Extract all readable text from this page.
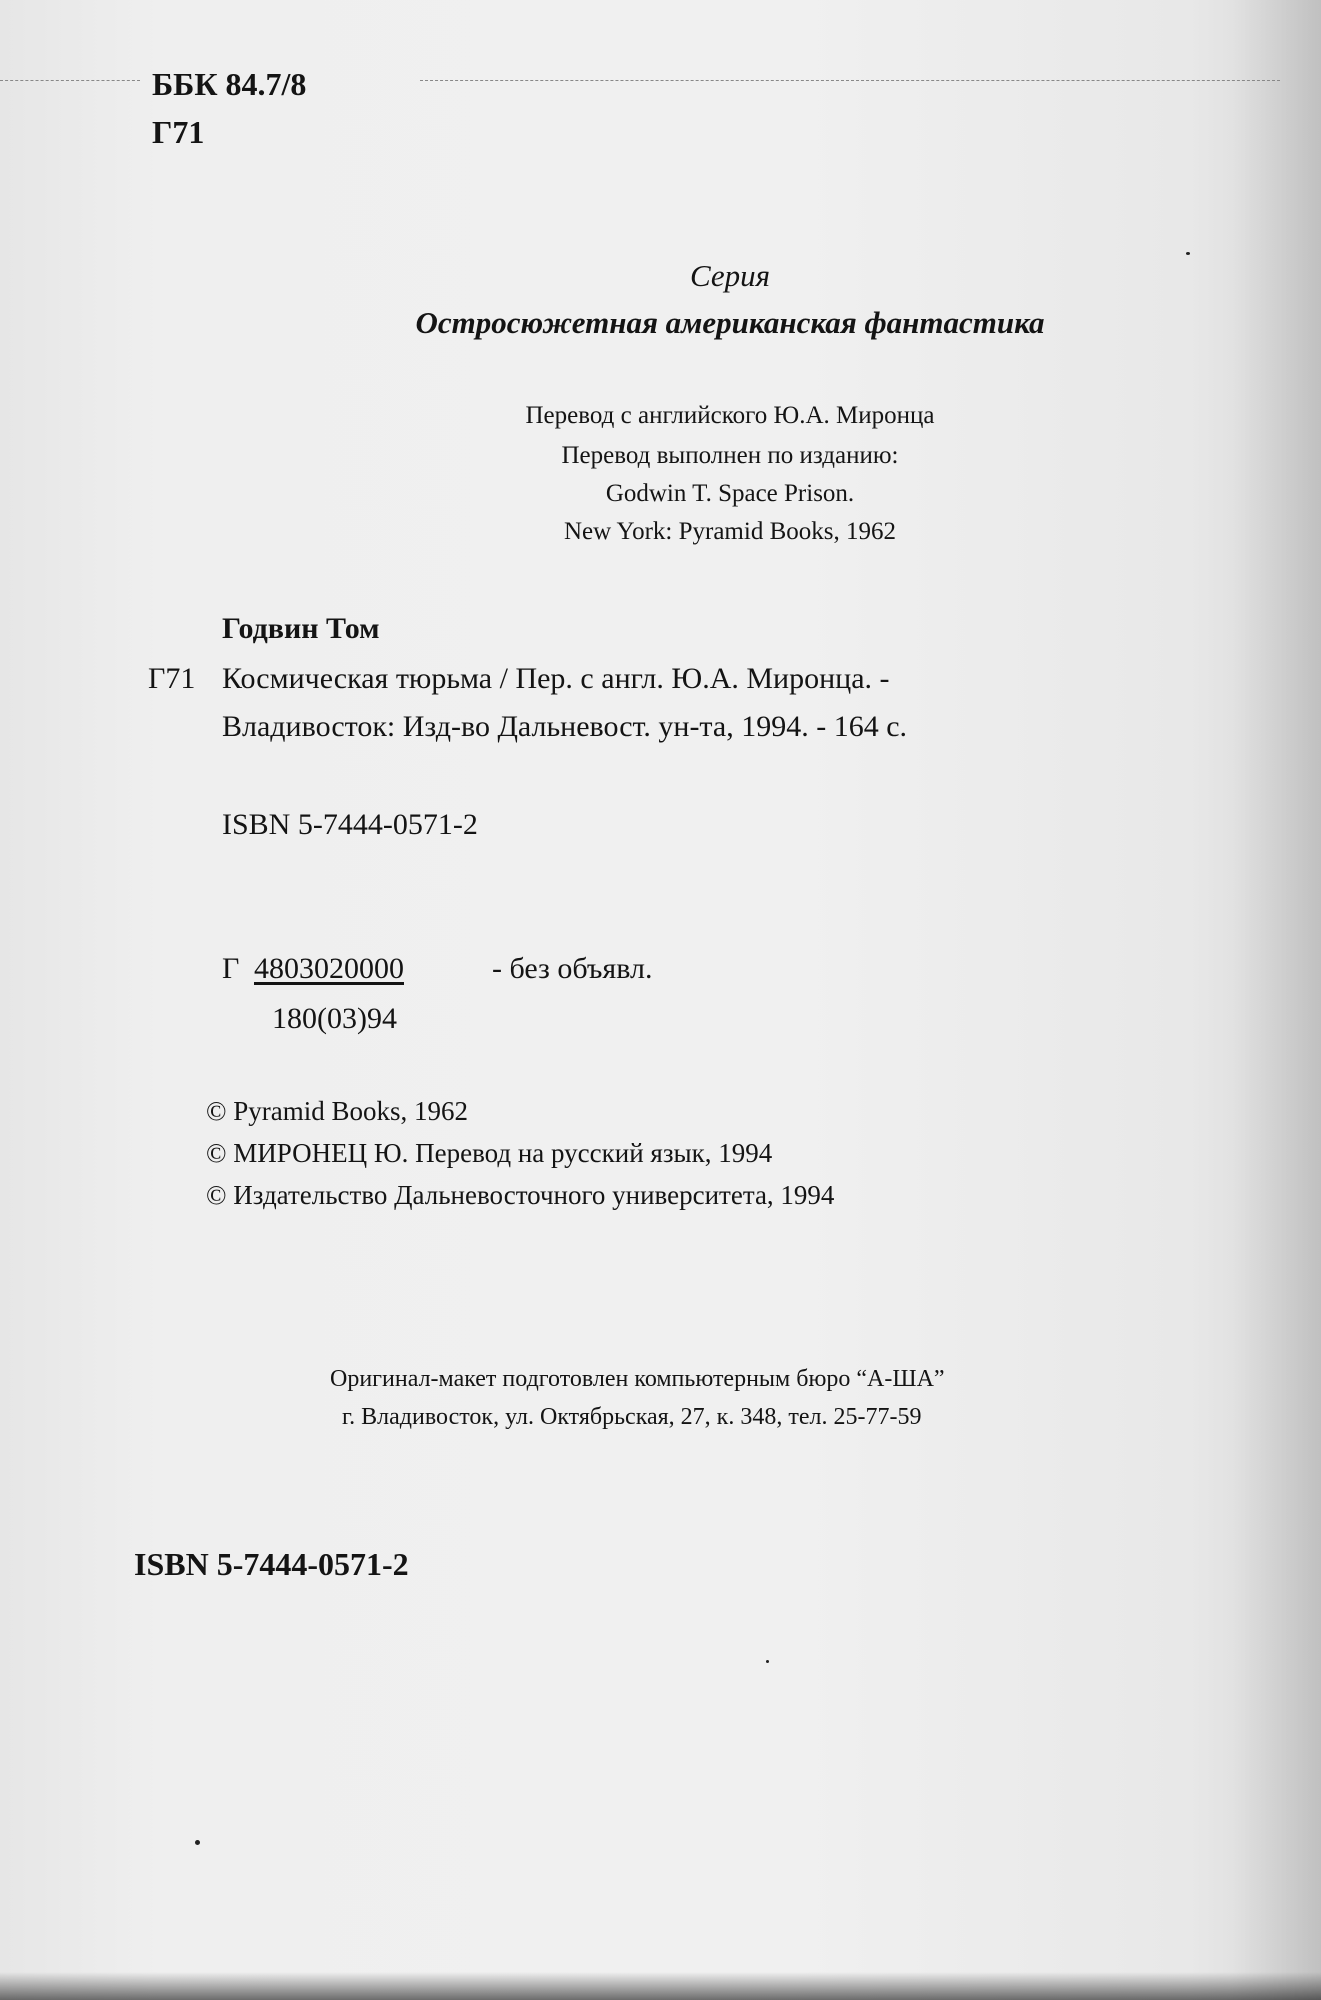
ББК 84.7/8
Г71
Серия
Остросюжетная американская фантастика
Перевод с английского Ю.А. Миронца
Перевод выполнен по изданию:
Godwin T. Space Prison.
New York: Pyramid Books, 1962
Годвин Том
Г71 Космическая тюрьма / Пер. с англ. Ю.А. Миронца. -
Владивосток: Изд-во Дальневост. ун-та, 1994. - 164 с.
ISBN 5-7444-0571-2
Г 4803020000	- без объявл.
180(03)94
© Pyramid Books, 1962
© МИРОНЕЦ Ю. Перевод на русский язык, 1994
© Издательство Дальневосточного университета, 1994
Оригинал-макет подготовлен компьютерным бюро “А-ША”
г. Владивосток, ул. Октябрьская, 27, к. 348, тел. 25-77-59
ISBN 5-7444-0571-2
